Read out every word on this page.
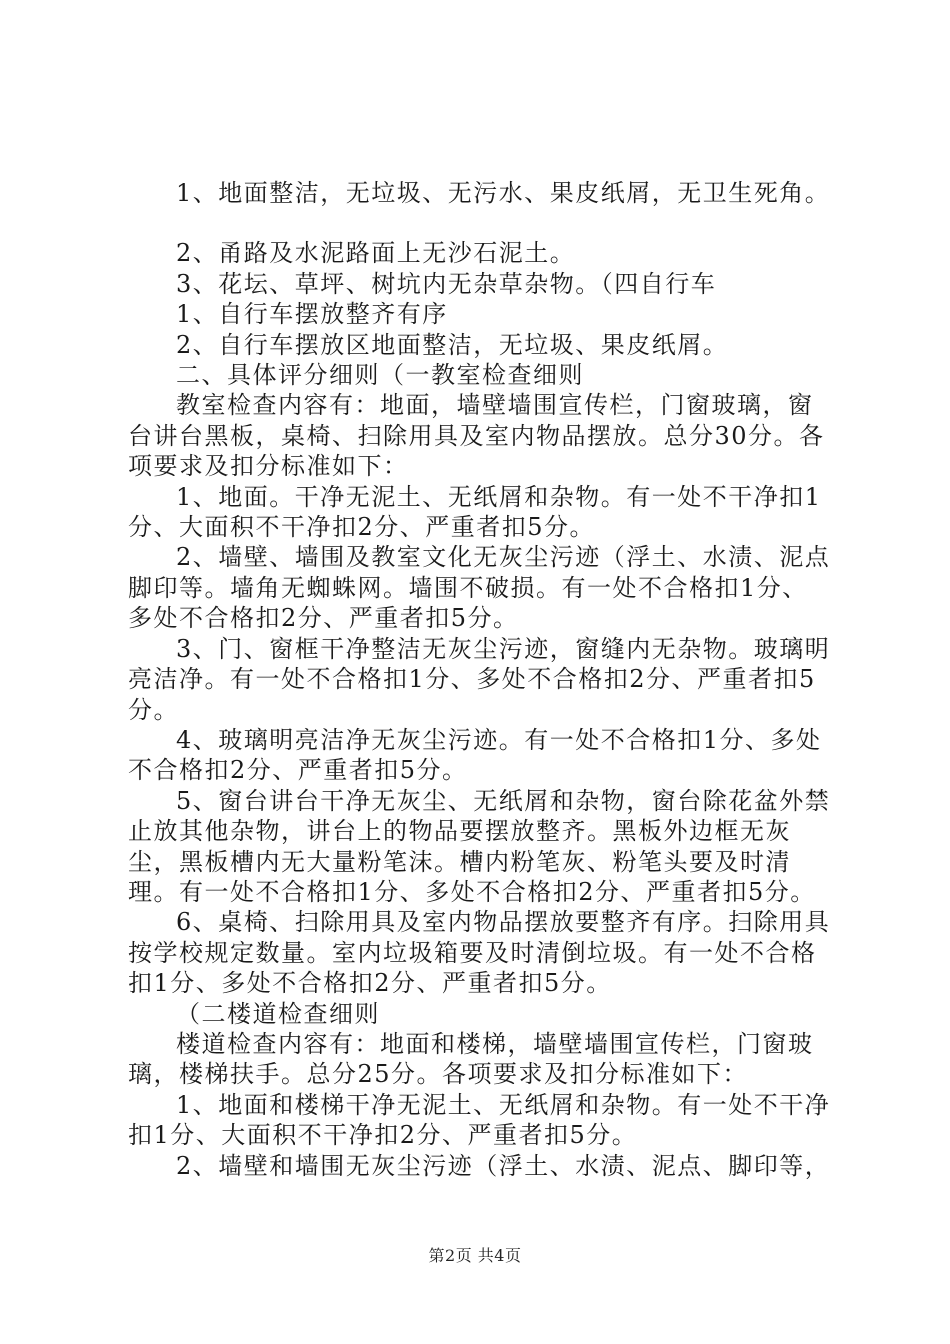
1、地面整洁，无垃圾、无污水、果皮纸屑，无卫生死角。

2、甬路及水泥路面上无沙石泥土。

3、花坛、草坪、树坑内无杂草杂物。（四自行车

1、自行车摆放整齐有序

2、自行车摆放区地面整洁，无垃圾、果皮纸屑。

二、具体评分细则（一教室检查细则

教室检查内容有：地面，墙壁墙围宣传栏，门窗玻璃，窗台讲台黑板，桌椅、扫除用具及室内物品摆放。总分30分。各项要求及扣分标准如下：

1、地面。干净无泥土、无纸屑和杂物。有一处不干净扣1分、大面积不干净扣2分、严重者扣5分。

2、墙壁、墙围及教室文化无灰尘污迹（浮土、水渍、泥点脚印等。墙角无蜘蛛网。墙围不破损。有一处不合格扣1分、多处不合格扣2分、严重者扣5分。

3、门、窗框干净整洁无灰尘污迹，窗缝内无杂物。玻璃明亮洁净。有一处不合格扣1分、多处不合格扣2分、严重者扣5分。

4、玻璃明亮洁净无灰尘污迹。有一处不合格扣1分、多处不合格扣2分、严重者扣5分。

5、窗台讲台干净无灰尘、无纸屑和杂物，窗台除花盆外禁止放其他杂物，讲台上的物品要摆放整齐。黑板外边框无灰尘，黑板槽内无大量粉笔沫。槽内粉笔灰、粉笔头要及时清理。有一处不合格扣1分、多处不合格扣2分、严重者扣5分。

6、桌椅、扫除用具及室内物品摆放要整齐有序。扫除用具按学校规定数量。室内垃圾箱要及时清倒垃圾。有一处不合格扣1分、多处不合格扣2分、严重者扣5分。

（二楼道检查细则

楼道检查内容有：地面和楼梯，墙壁墙围宣传栏，门窗玻璃，楼梯扶手。总分25分。各项要求及扣分标准如下：

1、地面和楼梯干净无泥土、无纸屑和杂物。有一处不干净扣1分、大面积不干净扣2分、严重者扣5分。

2、墙壁和墙围无灰尘污迹（浮土、水渍、泥点、脚印等，

第2页 共4页
